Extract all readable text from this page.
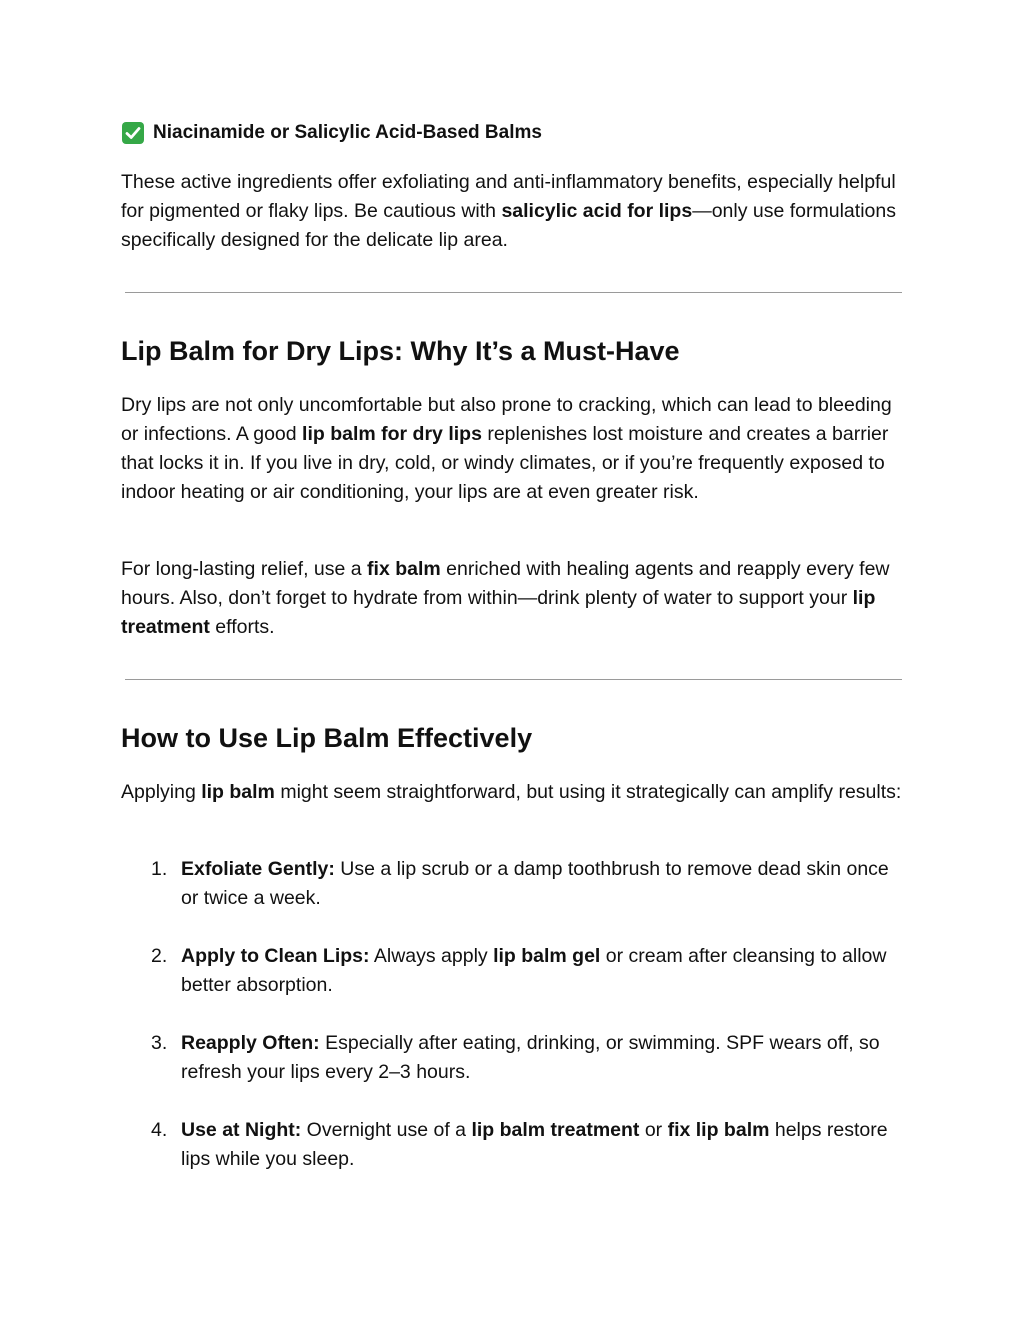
Niacinamide or Salicylic Acid-Based Balms

These active ingredients offer exfoliating and anti-inflammatory benefits, especially helpful for pigmented or flaky lips. Be cautious with salicylic acid for lips—only use formulations specifically designed for the delicate lip area.

Lip Balm for Dry Lips: Why It’s a Must-Have

Dry lips are not only uncomfortable but also prone to cracking, which can lead to bleeding or infections. A good lip balm for dry lips replenishes lost moisture and creates a barrier that locks it in. If you live in dry, cold, or windy climates, or if you’re frequently exposed to indoor heating or air conditioning, your lips are at even greater risk.

For long-lasting relief, use a fix balm enriched with healing agents and reapply every few hours. Also, don’t forget to hydrate from within—drink plenty of water to support your lip treatment efforts.

How to Use Lip Balm Effectively

Applying lip balm might seem straightforward, but using it strategically can amplify results:

1. Exfoliate Gently: Use a lip scrub or a damp toothbrush to remove dead skin once or twice a week.
2. Apply to Clean Lips: Always apply lip balm gel or cream after cleansing to allow better absorption.
3. Reapply Often: Especially after eating, drinking, or swimming. SPF wears off, so refresh your lips every 2–3 hours.
4. Use at Night: Overnight use of a lip balm treatment or fix lip balm helps restore lips while you sleep.
